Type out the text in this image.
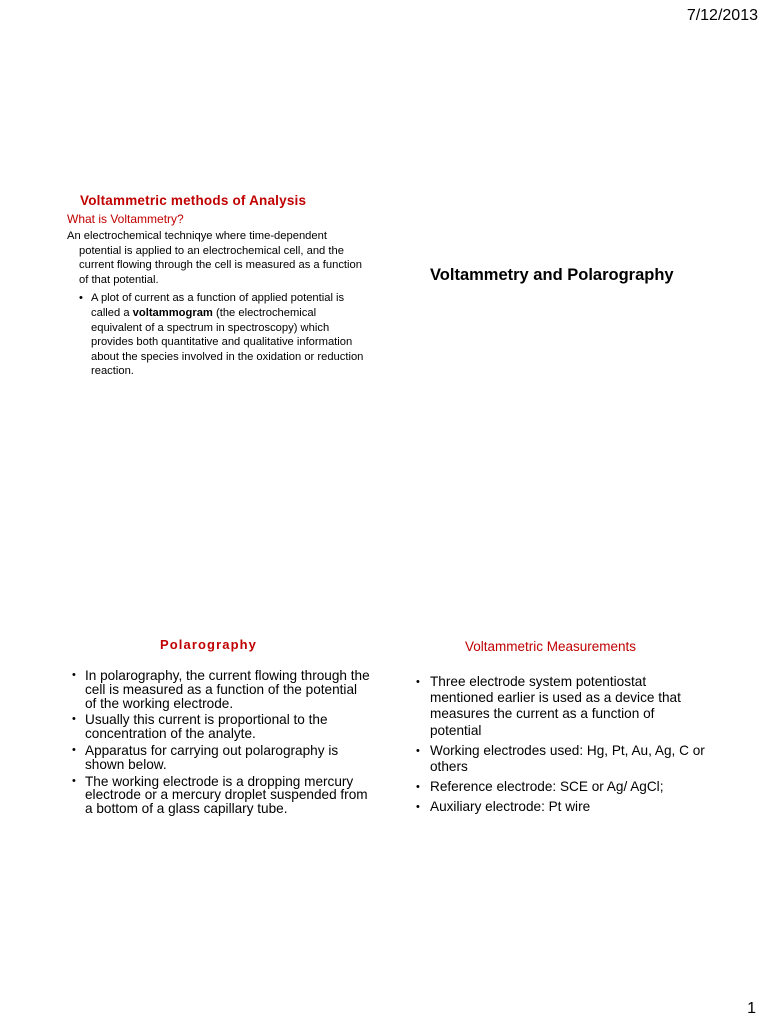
7/12/2013
Voltammetric methods of Analysis
What is Voltammetry?

An electrochemical techniqye where time-dependent potential is applied to an electrochemical cell, and the current flowing through the cell is measured as a function of that potential.

• A plot of current as a function of applied potential is called a voltammogram (the electrochemical equivalent of a spectrum in spectroscopy) which provides both quantitative and qualitative information about the species involved in the oxidation or reduction reaction.
Voltammetry and Polarography
Polarography
• In polarography, the current flowing through the cell is measured as a function of the potential of the working electrode.
• Usually this current is proportional to the concentration of the analyte.
• Apparatus for carrying out polarography is shown below.
• The working electrode is a dropping mercury electrode or a mercury droplet suspended from a bottom of a glass capillary tube.
Voltammetric Measurements
• Three electrode system potentiostat mentioned earlier is used as a device that measures the current as a function of potential
• Working electrodes used: Hg, Pt, Au, Ag, C or others
• Reference electrode: SCE or Ag/ AgCl;
• Auxiliary electrode: Pt wire
1
